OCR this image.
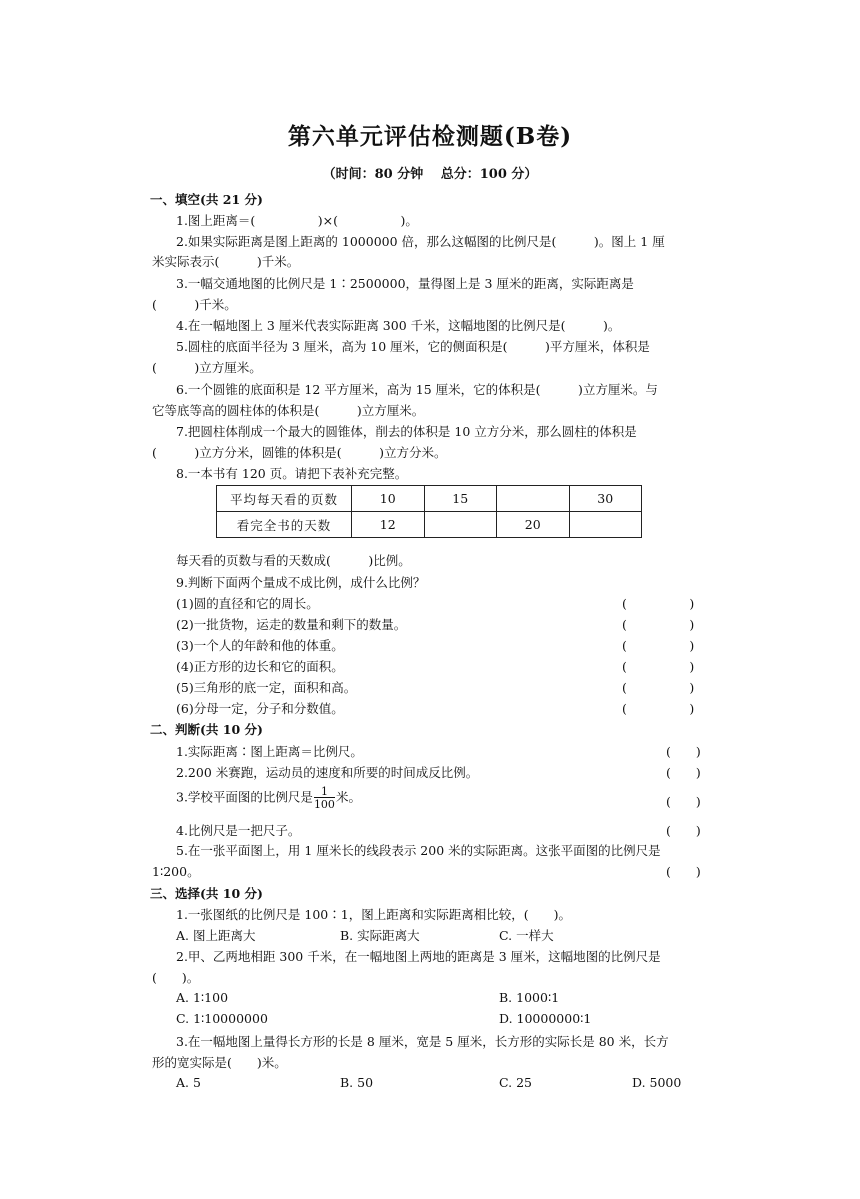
第六单元评估检测题(B卷)
（时间：80 分钟　 总分：100 分）
一、填空(共 21 分)
1.图上距离＝(　　　　　)×(　　　　　)。
2.如果实际距离是图上距离的 1000000 倍，那么这幅图的比例尺是(　　　)。图上 1 厘
米实际表示(　　　)千米。
3.一幅交通地图的比例尺是 1∶2500000，量得图上是 3 厘米的距离，实际距离是
(　　　)千米。
4.在一幅地图上 3 厘米代表实际距离 300 千米，这幅地图的比例尺是(　　　)。
5.圆柱的底面半径为 3 厘米，高为 10 厘米，它的侧面积是(　　　)平方厘米，体积是
(　　　)立方厘米。
6.一个圆锥的底面积是 12 平方厘米，高为 15 厘米，它的体积是(　　　)立方厘米。与
它等底等高的圆柱体的体积是(　　　)立方厘米。
7.把圆柱体削成一个最大的圆锥体，削去的体积是 10 立方分米，那么圆柱的体积是
(　　　)立方分米，圆锥的体积是(　　　)立方分米。
8.一本书有 120 页。请把下表补充完整。
平均每天看的页数	10	15		30
看完全书的天数	12		20	
每天看的页数与看的天数成(　　　)比例。
9.判断下面两个量成不成比例，成什么比例？
(1)圆的直径和它的周长。	(　　　　　)
(2)一批货物，运走的数量和剩下的数量。	(　　　　　)
(3)一个人的年龄和他的体重。	(　　　　　)
(4)正方形的边长和它的面积。	(　　　　　)
(5)三角形的底一定，面积和高。	(　　　　　)
(6)分母一定，分子和分数值。	(　　　　　)
二、判断(共 10 分)
1.实际距离∶图上距离＝比例尺。	(　　)
2.200 米赛跑，运动员的速度和所要的时间成反比例。	(　　)
3.学校平面图的比例尺是 $\frac{1}{100}$ 米。	(　　)
4.比例尺是一把尺子。	(　　)
5.在一张平面图上，用 1 厘米长的线段表示 200 米的实际距离。这张平面图的比例尺是
1∶200。	(　　)
三、选择(共 10 分)
1.一张图纸的比例尺是 100∶1，图上距离和实际距离相比较，(　　)。
A. 图上距离大	B. 实际距离大	C. 一样大
2.甲、乙两地相距 300 千米，在一幅地图上两地的距离是 3 厘米，这幅地图的比例尺是
(　　)。
A. 1∶100	B. 1000∶1
C. 1∶10000000	D. 10000000∶1
3.在一幅地图上量得长方形的长是 8 厘米，宽是 5 厘米，长方形的实际长是 80 米，长方
形的宽实际是(　　)米。
A. 5	B. 50	C. 25	D. 5000
